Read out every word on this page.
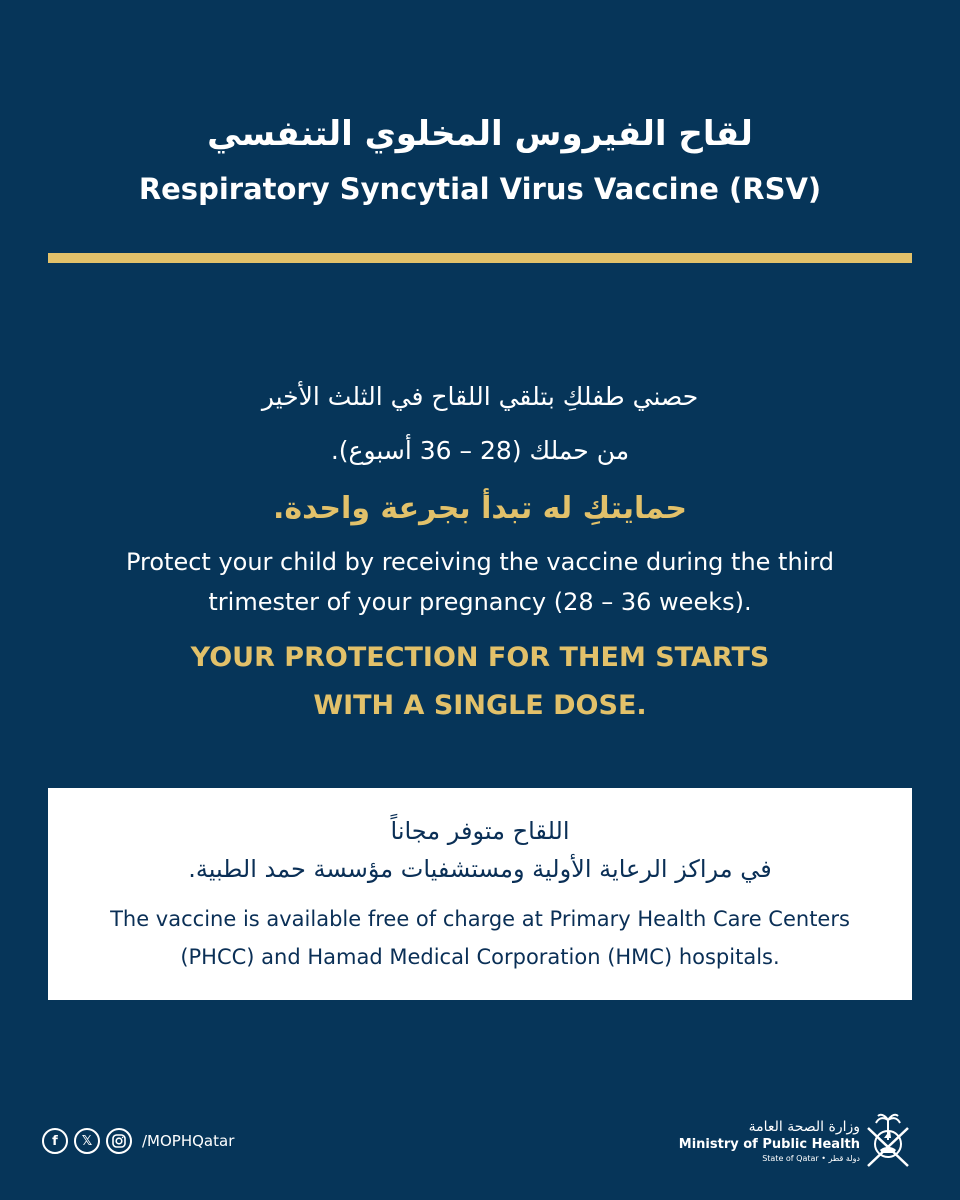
لقاح الفيروس المخلوي التنفسي
Respiratory Syncytial Virus Vaccine (RSV)
حصني طفلكِ بتلقي اللقاح في الثلث الأخير
من حملك (28 – 36 أسبوع).
حمايتكِ له تبدأ بجرعة واحدة.
Protect your child by receiving the vaccine during the third
trimester of your pregnancy (28 – 36 weeks).
YOUR PROTECTION FOR THEM STARTS
WITH A SINGLE DOSE.
اللقاح متوفر مجاناً
في مراكز الرعاية الأولية ومستشفيات مؤسسة حمد الطبية.
The vaccine is available free of charge at Primary Health Care Centers
(PHCC) and Hamad Medical Corporation (HMC) hospitals.
f	𝕏	/MOPHQatar
وزارة الصحة العامة
Ministry of Public Health
State of Qatar • دولة قطر
